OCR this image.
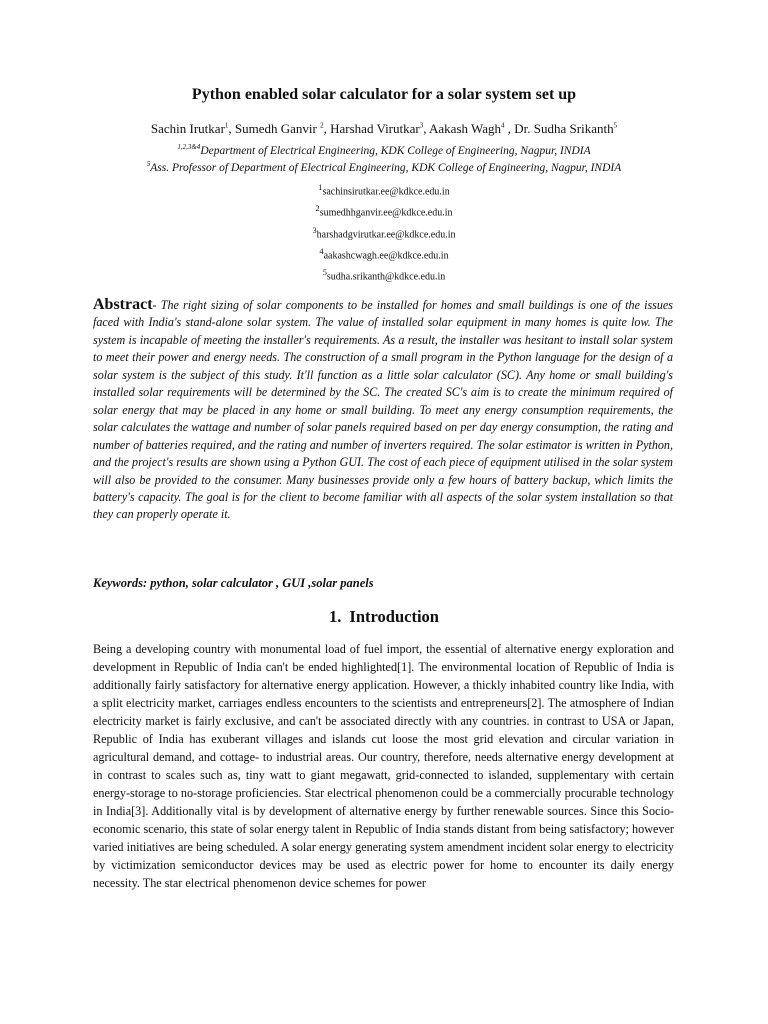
Python enabled solar calculator for a solar system set up
Sachin Irutkar$^1$, Sumedh Ganvir $^2$, Harshad Virutkar$^3$, Aakash Wagh$^4$ , Dr. Sudha Srikanth$^5$
$^{1,2,3\&4}$Department of Electrical Engineering, KDK College of Engineering, Nagpur, INDIA
$^5$Ass. Professor of Department of Electrical Engineering, KDK College of Engineering, Nagpur, INDIA
$^1$sachinsirutkar.ee@kdkce.edu.in
$^2$sumedhhganvir.ee@kdkce.edu.in
$^3$harshadgvirutkar.ee@kdkce.edu.in
$^4$aakashcwagh.ee@kdkce.edu.in
$^5$sudha.srikanth@kdkce.edu.in

Abstract- The right sizing of solar components to be installed for homes and small buildings is one of the issues faced with India's stand-alone solar system. The value of installed solar equipment in many homes is quite low. The system is incapable of meeting the installer's requirements. As a result, the installer was hesitant to install solar system to meet their power and energy needs. The construction of a small program in the Python language for the design of a solar system is the subject of this study. It'll function as a little solar calculator (SC). Any home or small building's installed solar requirements will be determined by the SC. The created SC's aim is to create the minimum required of solar energy that may be placed in any home or small building. To meet any energy consumption requirements, the solar calculates the wattage and number of solar panels required based on per day energy consumption, the rating and number of batteries required, and the rating and number of inverters required. The solar estimator is written in Python, and the project's results are shown using a Python GUI. The cost of each piece of equipment utilised in the solar system will also be provided to the consumer. Many businesses provide only a few hours of battery backup, which limits the battery's capacity. The goal is for the client to become familiar with all aspects of the solar system installation so that they can properly operate it.

Keywords: python, solar calculator , GUI ,solar panels
1. Introduction

Being a developing country with monumental load of fuel import, the essential of alternative energy exploration and development in Republic of India can't be ended highlighted[1]. The environmental location of Republic of India is additionally fairly satisfactory for alternative energy application. However, a thickly inhabited country like India, with a split electricity market, carriages endless encounters to the scientists and entrepreneurs[2]. The atmosphere of Indian electricity market is fairly exclusive, and can't be associated directly with any countries. in contrast to USA or Japan, Republic of India has exuberant villages and islands cut loose the most grid elevation and circular variation in agricultural demand, and cottage- to industrial areas. Our country, therefore, needs alternative energy development at in contrast to scales such as, tiny watt to giant megawatt, grid-connected to islanded, supplementary with certain energy-storage to no-storage proficiencies. Star electrical phenomenon could be a commercially procurable technology in India[3]. Additionally vital is by development of alternative energy by further renewable sources. Since this Socio-economic scenario, this state of solar energy talent in Republic of India stands distant from being satisfactory; however varied initiatives are being scheduled. A solar energy generating system amendment incident solar energy to electricity by victimization semiconductor devices may be used as electric power for home to encounter its daily energy necessity. The star electrical phenomenon device schemes for power
